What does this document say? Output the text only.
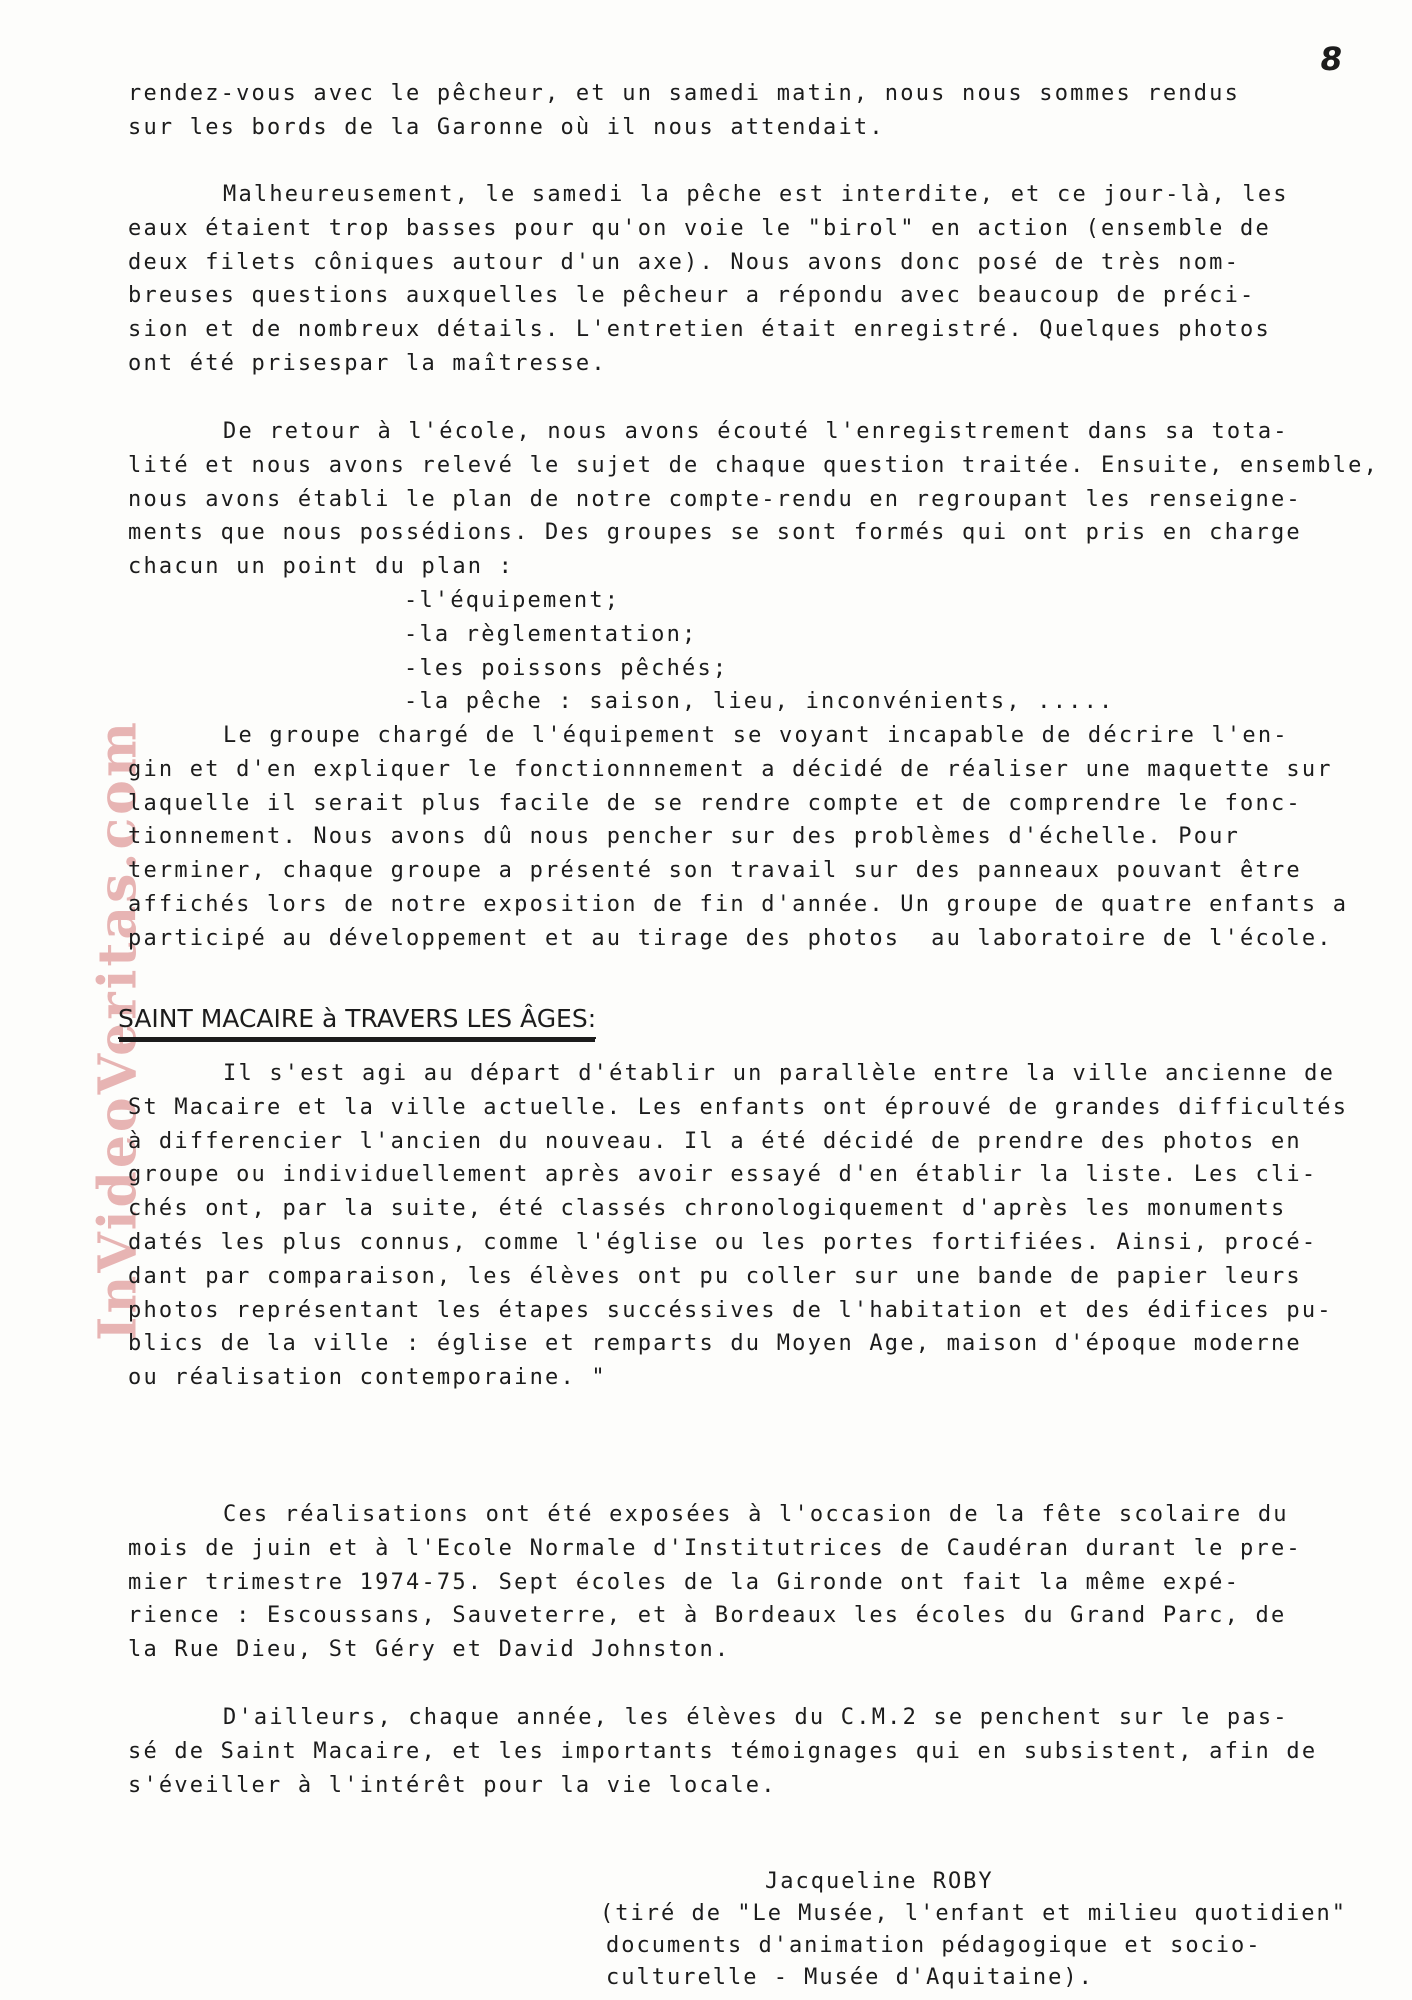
8
InVideoVeritas.com

rendez-vous avec le pêcheur, et un samedi matin, nous nous sommes rendus

sur les bords de la Garonne où il nous attendait.

Malheureusement, le samedi la pêche est interdite, et ce jour-là, les

eaux étaient trop basses pour qu'on voie le "birol" en action (ensemble de

deux filets côniques autour d'un axe). Nous avons donc posé de très nom-

breuses questions auxquelles le pêcheur a répondu avec beaucoup de préci-

sion et de nombreux détails. L'entretien était enregistré. Quelques photos

ont été prisespar la maîtresse.

De retour à l'école, nous avons écouté l'enregistrement dans sa tota-

lité et nous avons relevé le sujet de chaque question traitée. Ensuite, ensemble,

nous avons établi le plan de notre compte-rendu en regroupant les renseigne-

ments que nous possédions. Des groupes se sont formés qui ont pris en charge

chacun un point du plan :

-l'équipement;
-la règlementation;
-les poissons pêchés;
-la pêche : saison, lieu, inconvénients, .....

Le groupe chargé de l'équipement se voyant incapable de décrire l'en-

gin et d'en expliquer le fonctionnnement a décidé de réaliser une maquette sur

laquelle il serait plus facile de se rendre compte et de comprendre le fonc-

tionnement. Nous avons dû nous pencher sur des problèmes d'échelle. Pour

terminer, chaque groupe a présenté son travail sur des panneaux pouvant être

affichés lors de notre exposition de fin d'année. Un groupe de quatre enfants a

participé au développement et au tirage des photos  au laboratoire de l'école.

SAINT MACAIRE à TRAVERS LES ÂGES:

Il s'est agi au départ d'établir un parallèle entre la ville ancienne de

St Macaire et la ville actuelle. Les enfants ont éprouvé de grandes difficultés

à differencier l'ancien du nouveau. Il a été décidé de prendre des photos en

groupe ou individuellement après avoir essayé d'en établir la liste. Les cli-

chés ont, par la suite, été classés chronologiquement d'après les monuments

datés les plus connus, comme l'église ou les portes fortifiées. Ainsi, procé-

dant par comparaison, les élèves ont pu coller sur une bande de papier leurs

photos représentant les étapes succéssives de l'habitation et des édifices pu-

blics de la ville : église et remparts du Moyen Age, maison d'époque moderne

ou réalisation contemporaine. "

Ces réalisations ont été exposées à l'occasion de la fête scolaire du

mois de juin et à l'Ecole Normale d'Institutrices de Caudéran durant le pre-

mier trimestre 1974-75. Sept écoles de la Gironde ont fait la même expé-

rience : Escoussans, Sauveterre, et à Bordeaux les écoles du Grand Parc, de

la Rue Dieu, St Géry et David Johnston.

D'ailleurs, chaque année, les élèves du C.M.2 se penchent sur le pas-

sé de Saint Macaire, et les importants témoignages qui en subsistent, afin de

s'éveiller à l'intérêt pour la vie locale.

Jacqueline ROBY
(tiré de "Le Musée, l'enfant et milieu quotidien"
documents d'animation pédagogique et socio-
culturelle - Musée d'Aquitaine).
